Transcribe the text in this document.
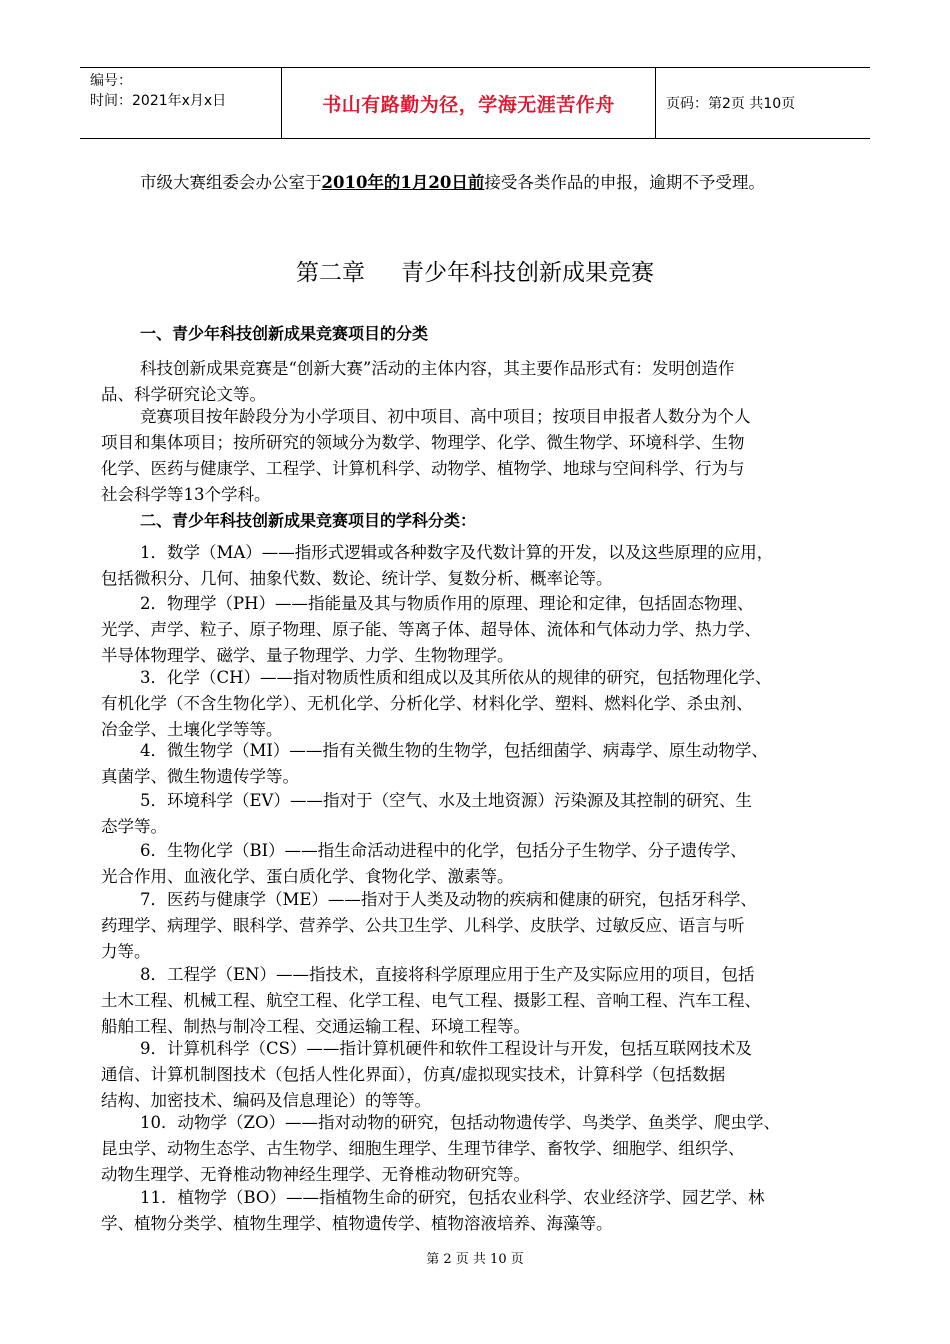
编号：
时间：2021年x月x日	书山有路勤为径，学海无涯苦作舟	页码：第2页 共10页
市级大赛组委会办公室于2010年的1月20日前接受各类作品的申报，逾期不予受理。
第二章 青少年科技创新成果竞赛
一、青少年科技创新成果竞赛项目的分类
科技创新成果竞赛是“创新大赛”活动的主体内容，其主要作品形式有：发明创造作
品、科学研究论文等。
竞赛项目按年龄段分为小学项目、初中项目、高中项目；按项目申报者人数分为个人
项目和集体项目；按所研究的领域分为数学、物理学、化学、微生物学、环境科学、生物
化学、医药与健康学、工程学、计算机科学、动物学、植物学、地球与空间科学、行为与
社会科学等13个学科。
二、青少年科技创新成果竞赛项目的学科分类：
1．数学（MA）——指形式逻辑或各种数字及代数计算的开发，以及这些原理的应用，
包括微积分、几何、抽象代数、数论、统计学、复数分析、概率论等。
2．物理学（PH）——指能量及其与物质作用的原理、理论和定律，包括固态物理、
光学、声学、粒子、原子物理、原子能、等离子体、超导体、流体和气体动力学、热力学、
半导体物理学、磁学、量子物理学、力学、生物物理学。
3．化学（CH）——指对物质性质和组成以及其所依从的规律的研究，包括物理化学、
有机化学（不含生物化学）、无机化学、分析化学、材料化学、塑料、燃料化学、杀虫剂、
冶金学、土壤化学等等。
4．微生物学（MI）——指有关微生物的生物学，包括细菌学、病毒学、原生动物学、
真菌学、微生物遗传学等。
5．环境科学（EV）——指对于（空气、水及土地资源）污染源及其控制的研究、生
态学等。
6．生物化学（BI）——指生命活动进程中的化学，包括分子生物学、分子遗传学、
光合作用、血液化学、蛋白质化学、食物化学、激素等。
7．医药与健康学（ME）——指对于人类及动物的疾病和健康的研究，包括牙科学、
药理学、病理学、眼科学、营养学、公共卫生学、儿科学、皮肤学、过敏反应、语言与听
力等。
8．工程学（EN）——指技术，直接将科学原理应用于生产及实际应用的项目，包括
土木工程、机械工程、航空工程、化学工程、电气工程、摄影工程、音响工程、汽车工程、
船舶工程、制热与制冷工程、交通运输工程、环境工程等。
9．计算机科学（CS）——指计算机硬件和软件工程设计与开发，包括互联网技术及
通信、计算机制图技术（包括人性化界面），仿真/虚拟现实技术，计算科学（包括数据
结构、加密技术、编码及信息理论）的等等。
10．动物学（ZO）——指对动物的研究，包括动物遗传学、鸟类学、鱼类学、爬虫学、
昆虫学、动物生态学、古生物学、细胞生理学、生理节律学、畜牧学、细胞学、组织学、
动物生理学、无脊椎动物神经生理学、无脊椎动物研究等。
11．植物学（BO）——指植物生命的研究，包括农业科学、农业经济学、园艺学、林
学、植物分类学、植物生理学、植物遗传学、植物溶液培养、海藻等。
第 2 页 共 10 页
